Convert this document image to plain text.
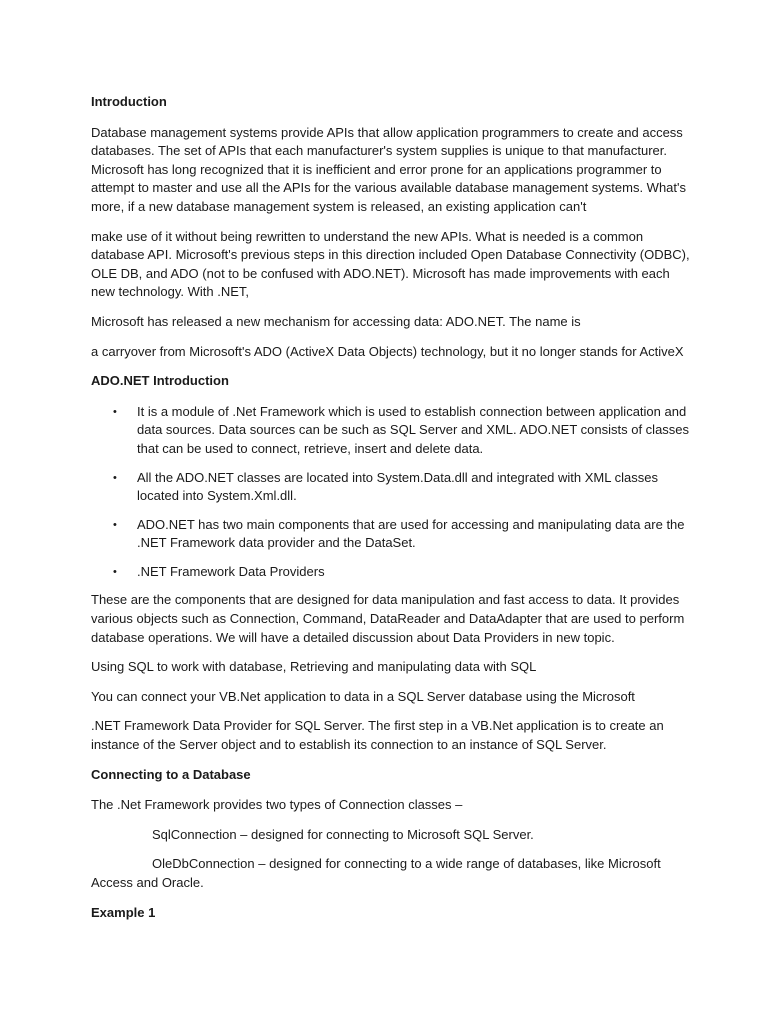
Introduction

Database management systems provide APIs that allow application programmers to create and access databases. The set of APIs that each manufacturer's system supplies is unique to that manufacturer. Microsoft has long recognized that it is inefficient and error prone for an applications programmer to attempt to master and use all the APIs for the various available database management systems. What's more, if a new database management system is released, an existing application can't

make use of it without being rewritten to understand the new APIs. What is needed is a common database API. Microsoft's previous steps in this direction included Open Database Connectivity (ODBC), OLE DB, and ADO (not to be confused with ADO.NET). Microsoft has made improvements with each new technology. With .NET,

Microsoft has released a new mechanism for accessing data: ADO.NET. The name is

a carryover from Microsoft's ADO (ActiveX Data Objects) technology, but it no longer stands for ActiveX

ADO.NET Introduction

• It is a module of .Net Framework which is used to establish connection between application and data sources. Data sources can be such as SQL Server and XML. ADO.NET consists of classes that can be used to connect, retrieve, insert and delete data.
• All the ADO.NET classes are located into System.Data.dll and integrated with XML classes located into System.Xml.dll.
• ADO.NET has two main components that are used for accessing and manipulating data are the .NET Framework data provider and the DataSet.
• .NET Framework Data Providers

These are the components that are designed for data manipulation and fast access to data. It provides various objects such as Connection, Command, DataReader and DataAdapter that are used to perform database operations. We will have a detailed discussion about Data Providers in new topic.

Using SQL to work with database, Retrieving and manipulating data with SQL

You can connect your VB.Net application to data in a SQL Server database using the Microsoft

.NET Framework Data Provider for SQL Server. The first step in a VB.Net application is to create an instance of the Server object and to establish its connection to an instance of SQL Server.

Connecting to a Database

The .Net Framework provides two types of Connection classes –

SqlConnection – designed for connecting to Microsoft SQL Server.

OleDbConnection – designed for connecting to a wide range of databases, like Microsoft Access and Oracle.

Example 1
